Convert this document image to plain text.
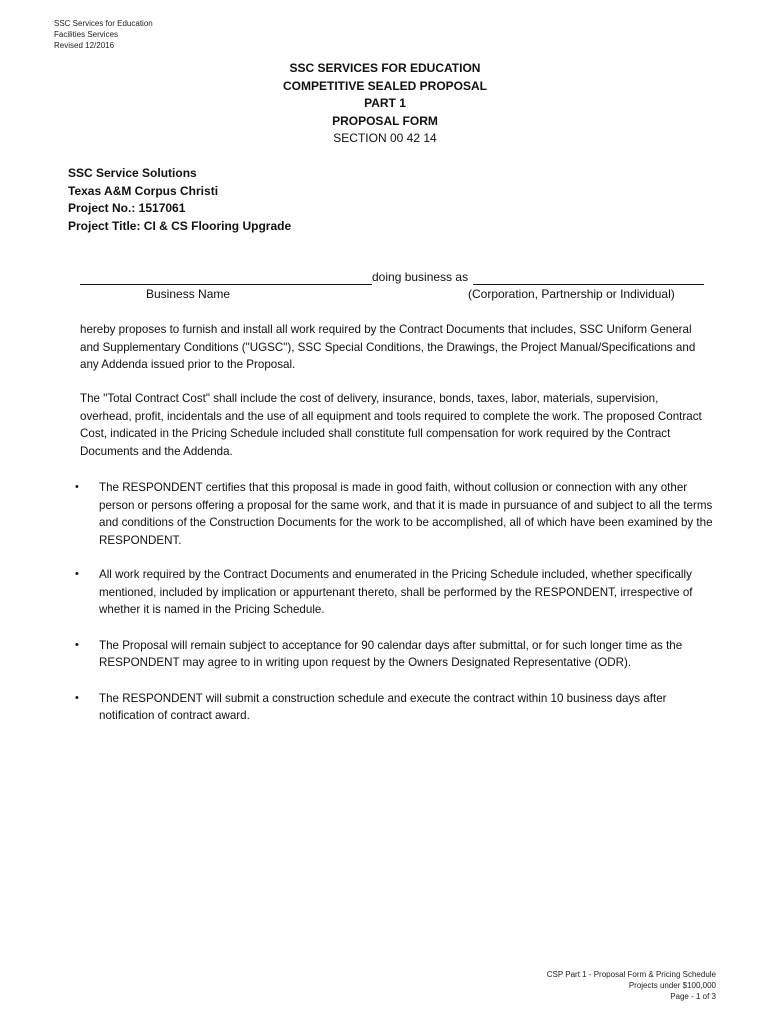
SSC Services for Education
Facilities Services
Revised 12/2016
SSC SERVICES FOR EDUCATION
COMPETITIVE SEALED PROPOSAL
PART 1
PROPOSAL FORM
SECTION 00 42 14
SSC Service Solutions
Texas A&M Corpus Christi
Project No.: 1517061
Project Title: CI & CS Flooring Upgrade
doing business as
Business Name	(Corporation, Partnership or Individual)
hereby proposes to furnish and install all work required by the Contract Documents that includes, SSC Uniform General and Supplementary Conditions ("UGSC"), SSC Special Conditions, the Drawings, the Project Manual/Specifications and any Addenda issued prior to the Proposal.
The "Total Contract Cost" shall include the cost of delivery, insurance, bonds, taxes, labor, materials, supervision, overhead, profit, incidentals and the use of all equipment and tools required to complete the work. The proposed Contract Cost, indicated in the Pricing Schedule included shall constitute full compensation for work required by the Contract Documents and the Addenda.
•	The RESPONDENT certifies that this proposal is made in good faith, without collusion or connection with any other person or persons offering a proposal for the same work, and that it is made in pursuance of and subject to all the terms and conditions of the Construction Documents for the work to be accomplished, all of which have been examined by the RESPONDENT.
•	All work required by the Contract Documents and enumerated in the Pricing Schedule included, whether specifically mentioned, included by implication or appurtenant thereto, shall be performed by the RESPONDENT, irrespective of whether it is named in the Pricing Schedule.
•	The Proposal will remain subject to acceptance for 90 calendar days after submittal, or for such longer time as the RESPONDENT may agree to in writing upon request by the Owners Designated Representative (ODR).
•	The RESPONDENT will submit a construction schedule and execute the contract within 10 business days after notification of contract award.
CSP Part 1 - Proposal Form & Pricing Schedule
Projects under $100,000
Page - 1 of 3
